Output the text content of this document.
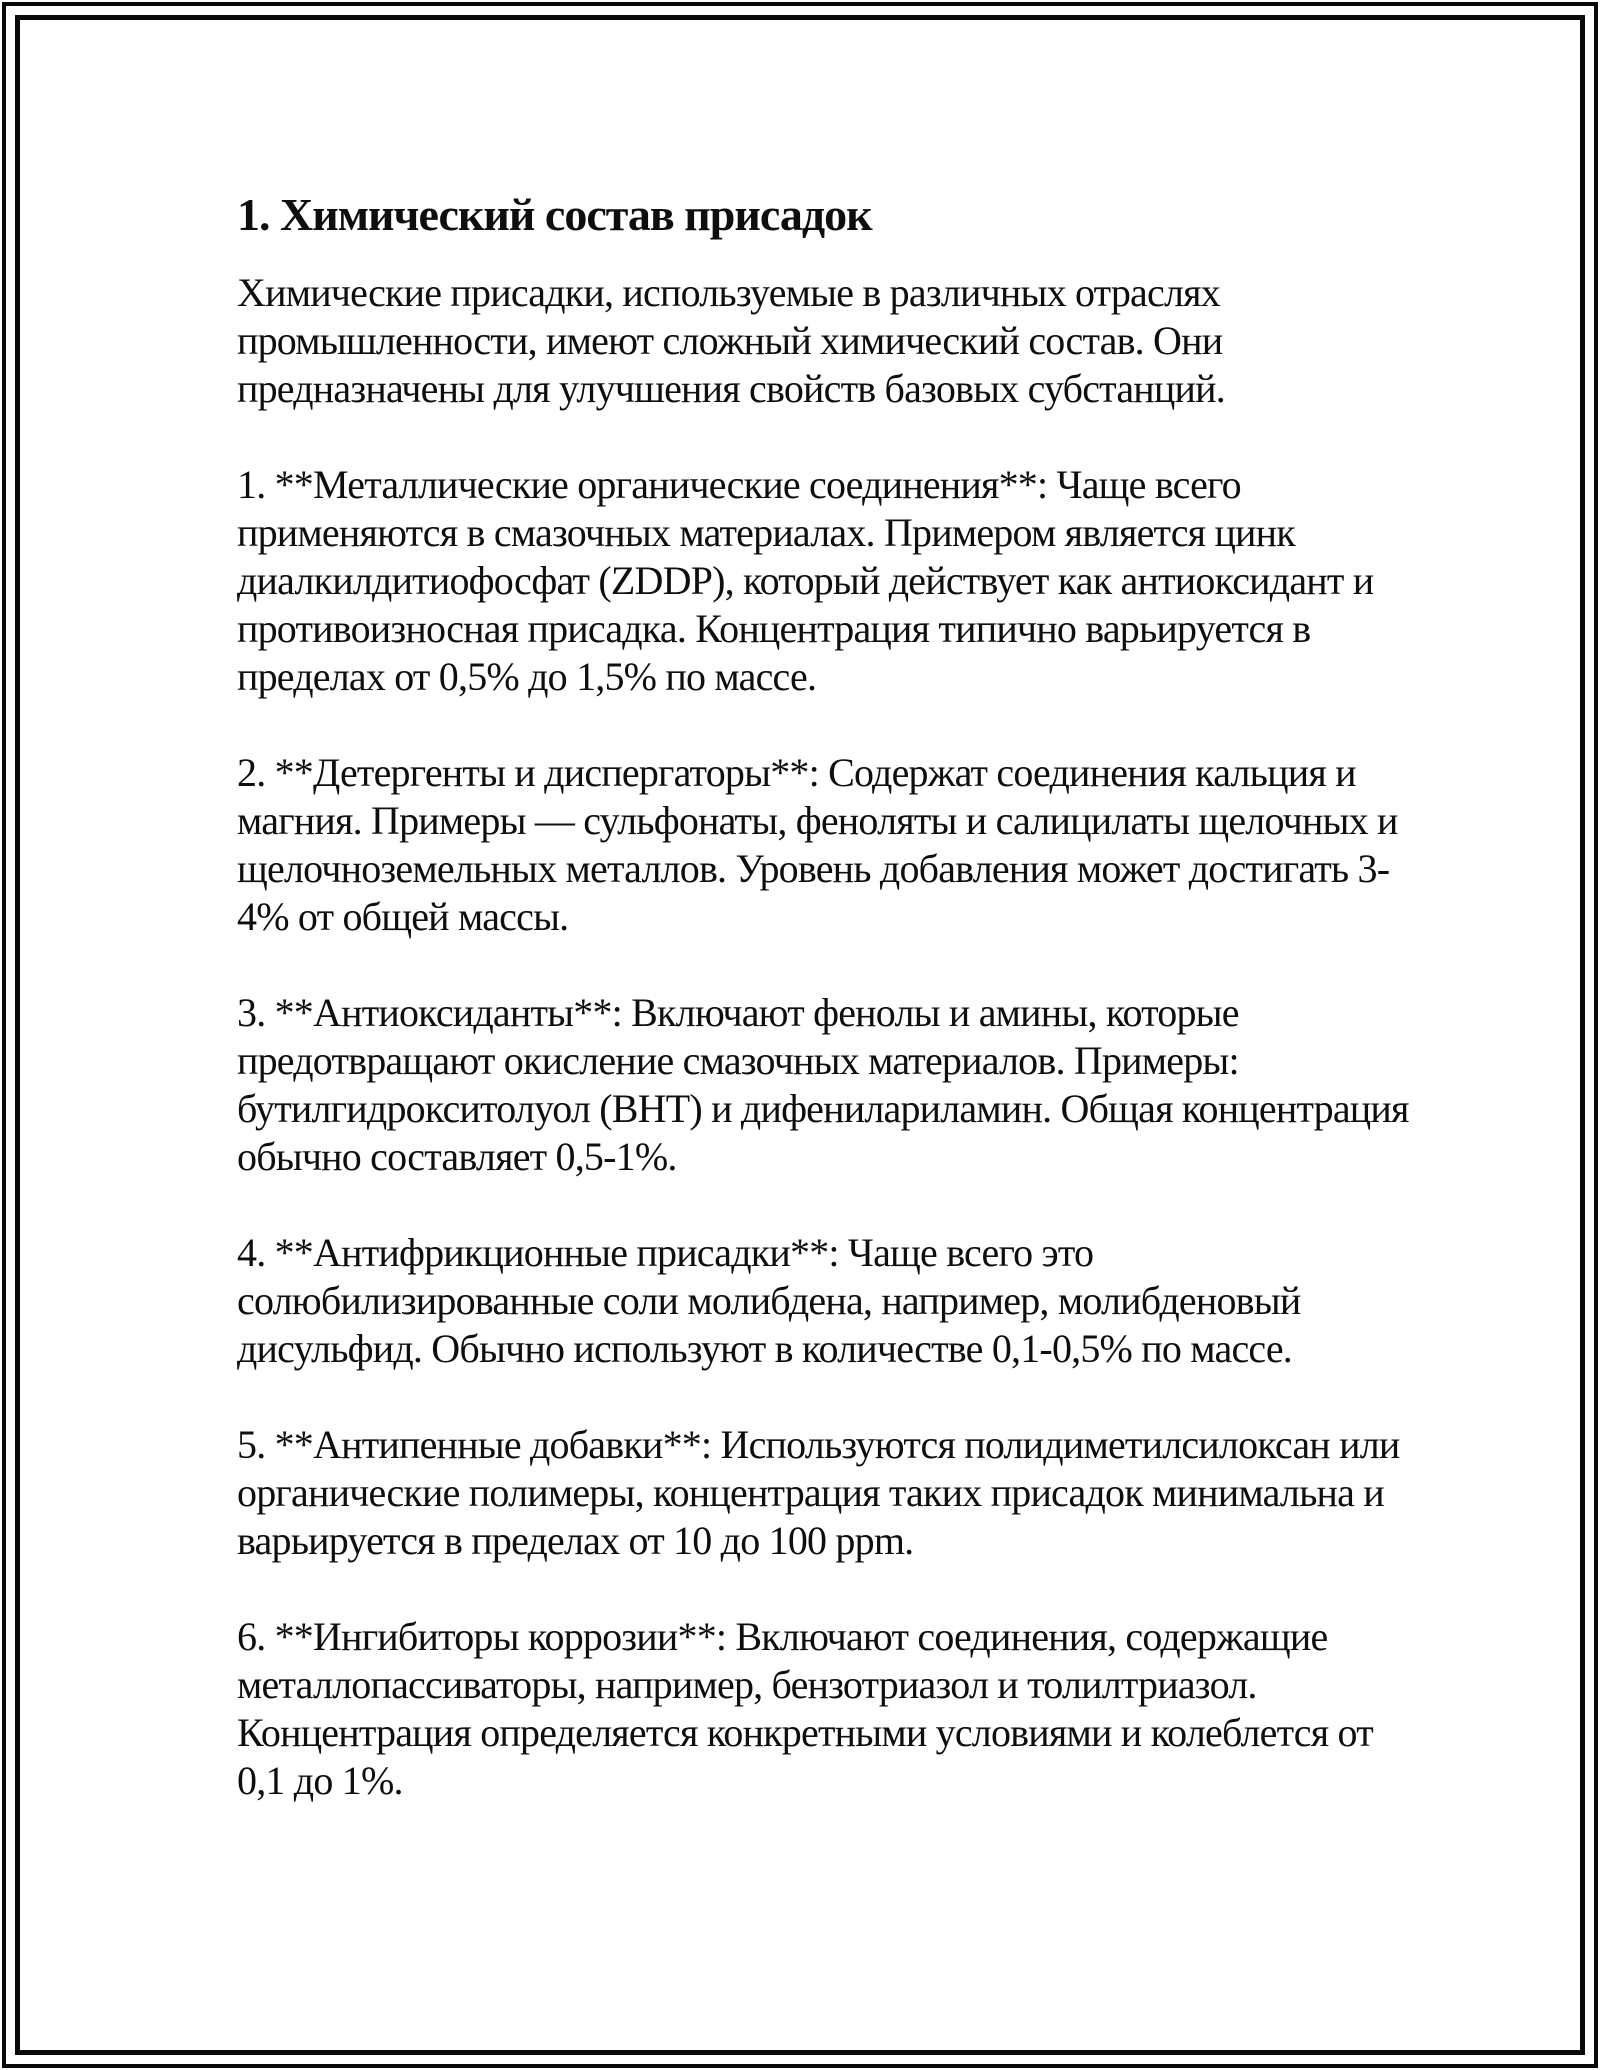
1. Химический состав присадок

Химические присадки, используемые в различных отраслях
промышленности, имеют сложный химический состав. Они
предназначены для улучшения свойств базовых субстанций.

1. **Металлические органические соединения**: Чаще всего
применяются в смазочных материалах. Примером является цинк
диалкилдитиофосфат (ZDDP), который действует как антиоксидант и
противоизносная присадка. Концентрация типично варьируется в
пределах от 0,5% до 1,5% по массе.

2. **Детергенты и диспергаторы**: Содержат соединения кальция и
магния. Примеры — сульфонаты, феноляты и салицилаты щелочных и
щелочноземельных металлов. Уровень добавления может достигать 3-
4% от общей массы.

3. **Антиоксиданты**: Включают фенолы и амины, которые
предотвращают окисление смазочных материалов. Примеры:
бутилгидрокситолуол (BHT) и дифенилариламин. Общая концентрация
обычно составляет 0,5-1%.

4. **Антифрикционные присадки**: Чаще всего это
солюбилизированные соли молибдена, например, молибденовый
дисульфид. Обычно используют в количестве 0,1-0,5% по массе.

5. **Антипенные добавки**: Используются полидиметилсилоксан или
органические полимеры, концентрация таких присадок минимальна и
варьируется в пределах от 10 до 100 ppm.

6. **Ингибиторы коррозии**: Включают соединения, содержащие
металлопассиваторы, например, бензотриазол и толилтриазол.
Концентрация определяется конкретными условиями и колеблется от
0,1 до 1%.
